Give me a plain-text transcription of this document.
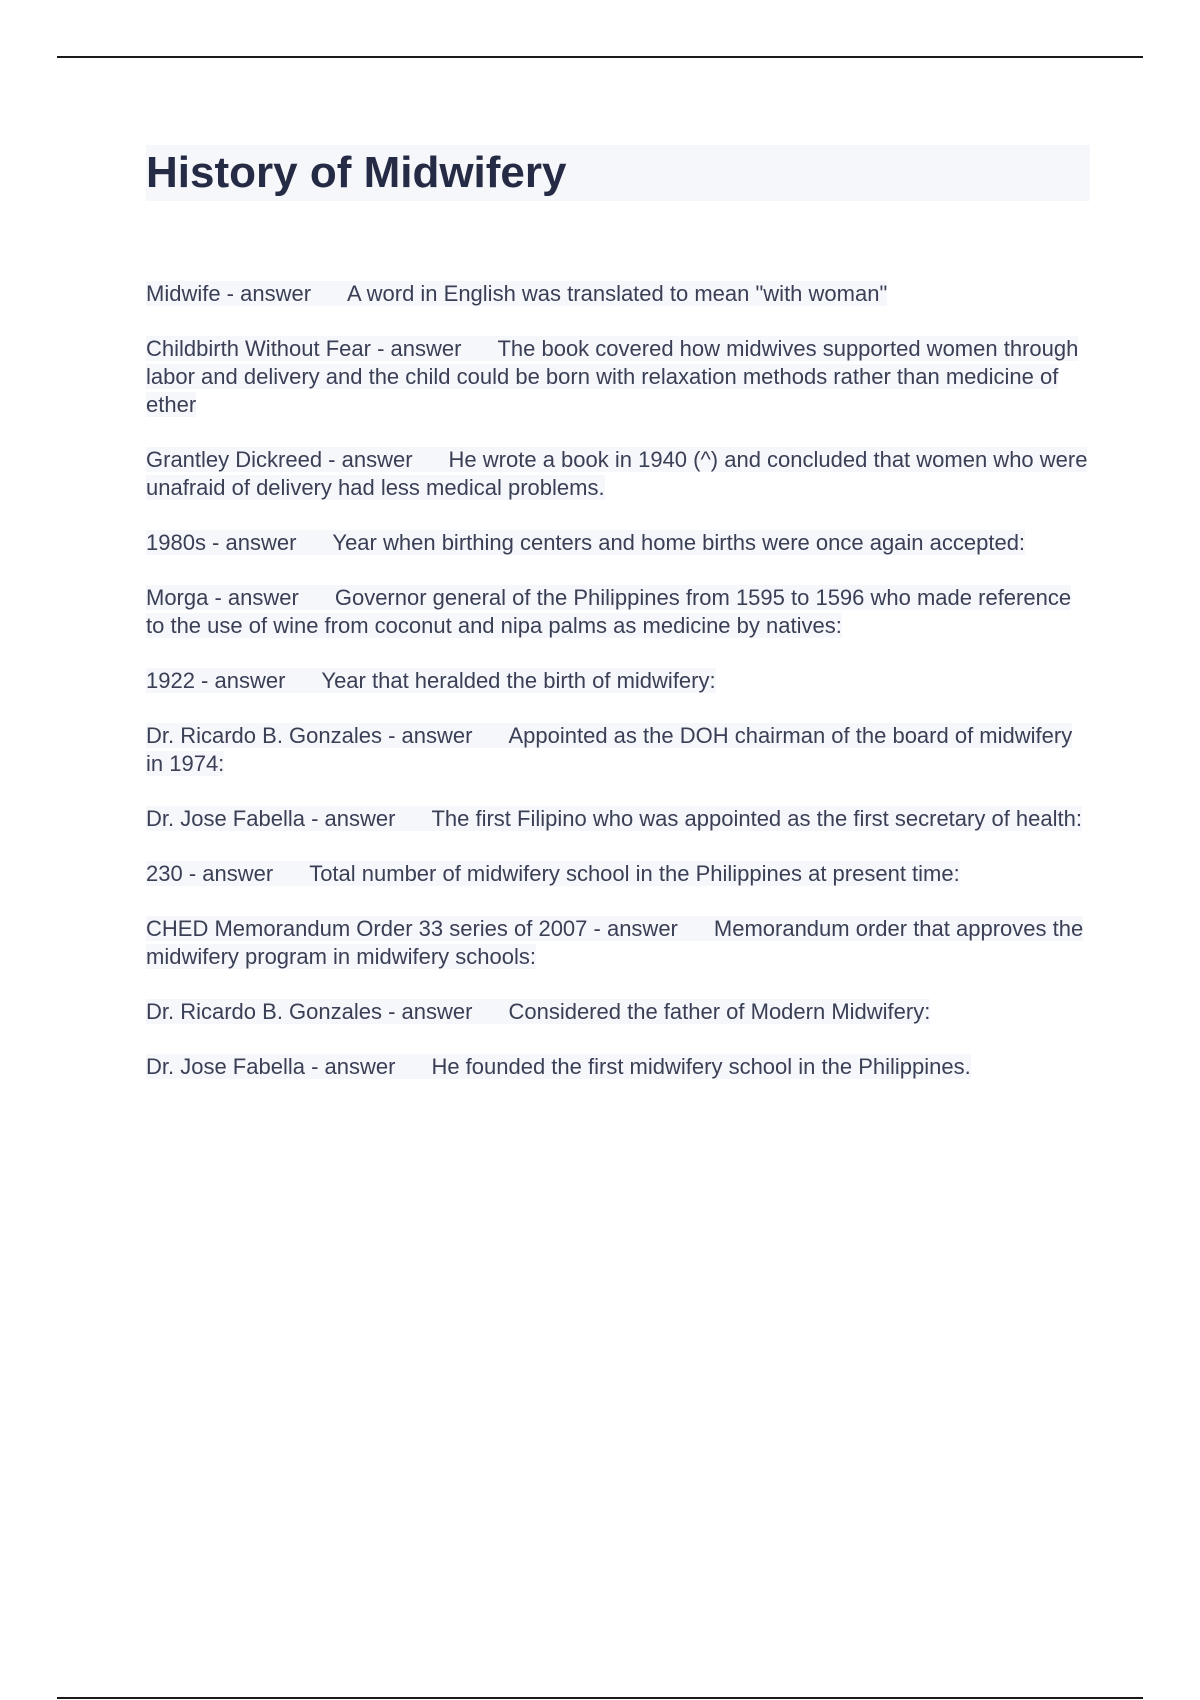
History of Midwifery
Midwife - answer A word in English was translated to mean "with woman"
Childbirth Without Fear - answer The book covered how midwives supported women through labor and delivery and the child could be born with relaxation methods rather than medicine of ether
Grantley Dickreed - answer He wrote a book in 1940 (^) and concluded that women who were unafraid of delivery had less medical problems.
1980s - answer Year when birthing centers and home births were once again accepted:
Morga - answer Governor general of the Philippines from 1595 to 1596 who made reference to the use of wine from coconut and nipa palms as medicine by natives:
1922 - answer Year that heralded the birth of midwifery:
Dr. Ricardo B. Gonzales - answer Appointed as the DOH chairman of the board of midwifery in 1974:
Dr. Jose Fabella - answer The first Filipino who was appointed as the first secretary of health:
230 - answer Total number of midwifery school in the Philippines at present time:
CHED Memorandum Order 33 series of 2007 - answer Memorandum order that approves the midwifery program in midwifery schools:
Dr. Ricardo B. Gonzales - answer Considered the father of Modern Midwifery:
Dr. Jose Fabella - answer He founded the first midwifery school in the Philippines.
